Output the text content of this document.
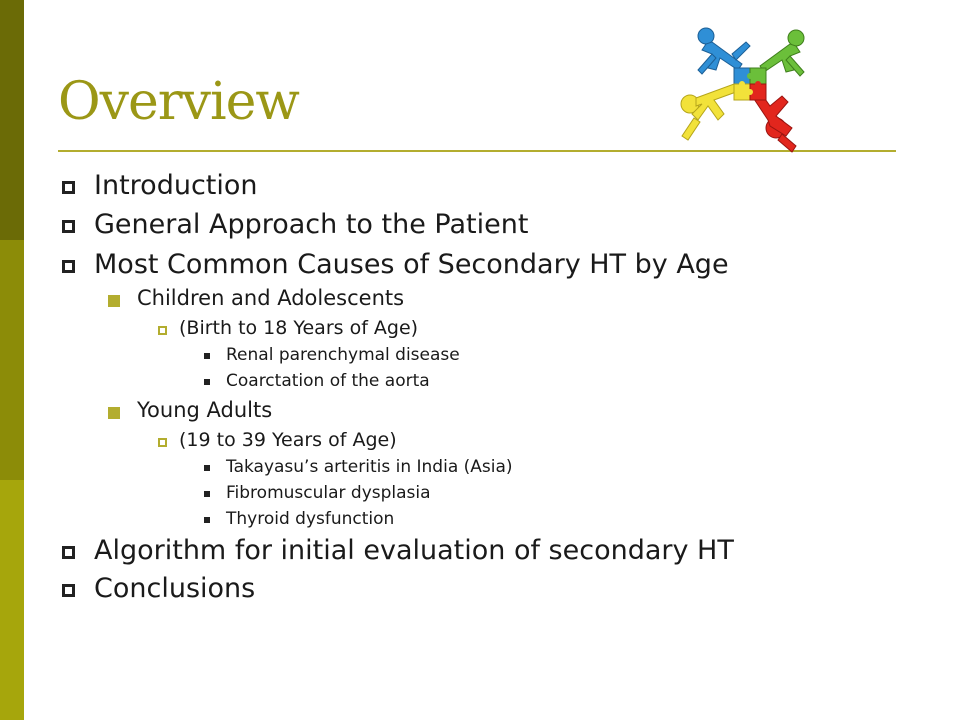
Overview
Introduction
General Approach to the Patient
Most Common Causes of Secondary HT by Age
Children and Adolescents
(Birth to 18 Years of Age)
Renal parenchymal disease
Coarctation of the aorta
Young Adults
(19 to 39 Years of Age)
Takayasu’s arteritis in India (Asia)
Fibromuscular dysplasia
Thyroid dysfunction
Algorithm for initial evaluation of secondary HT
Conclusions
